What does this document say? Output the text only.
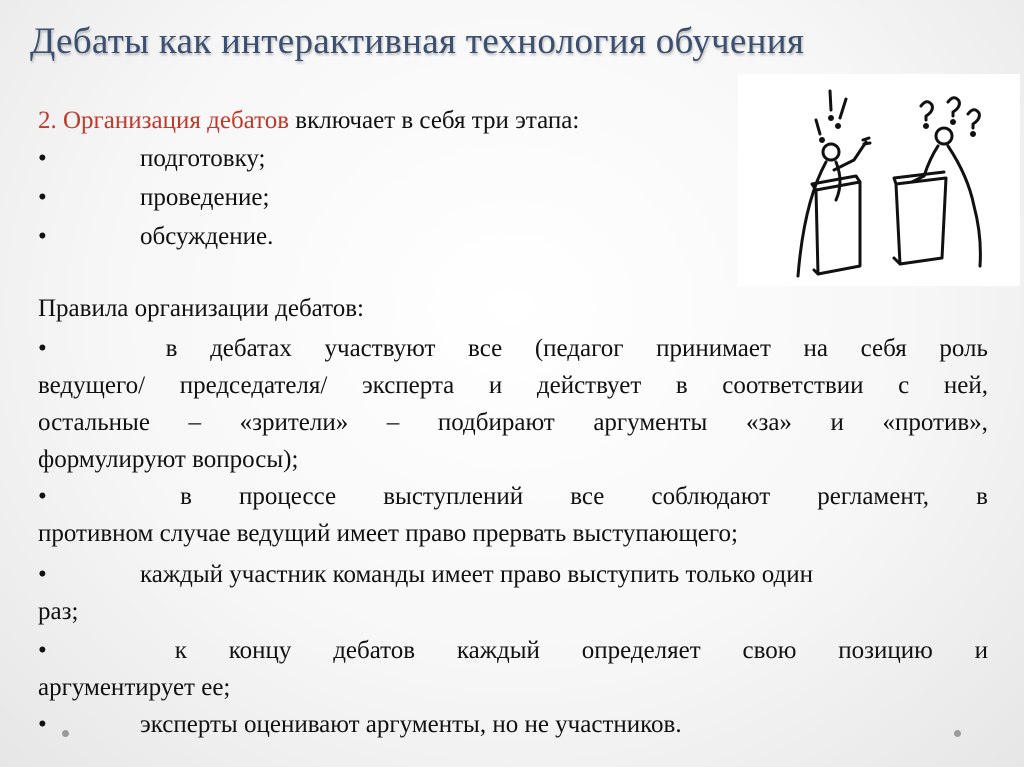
Дебаты как интерактивная технология обучения
2. Организация дебатов включает в себя три этапа:
•	подготовку;
•	проведение;
•	обсуждение.
Правила организации дебатов:
•	в дебатах участвуют все (педагог принимает на себя роль
ведущего/ председателя/ эксперта и действует в соответствии с ней,
остальные – «зрители» – подбирают аргументы «за» и «против»,
формулируют вопросы);
•	в процессе выступлений все соблюдают регламент, в
противном случае ведущий имеет право прервать выступающего;
•	каждый участник команды имеет право выступить только один
раз;
•	к концу дебатов каждый определяет свою позицию и
аргументирует ее;
•	эксперты оценивают аргументы, но не участников.
